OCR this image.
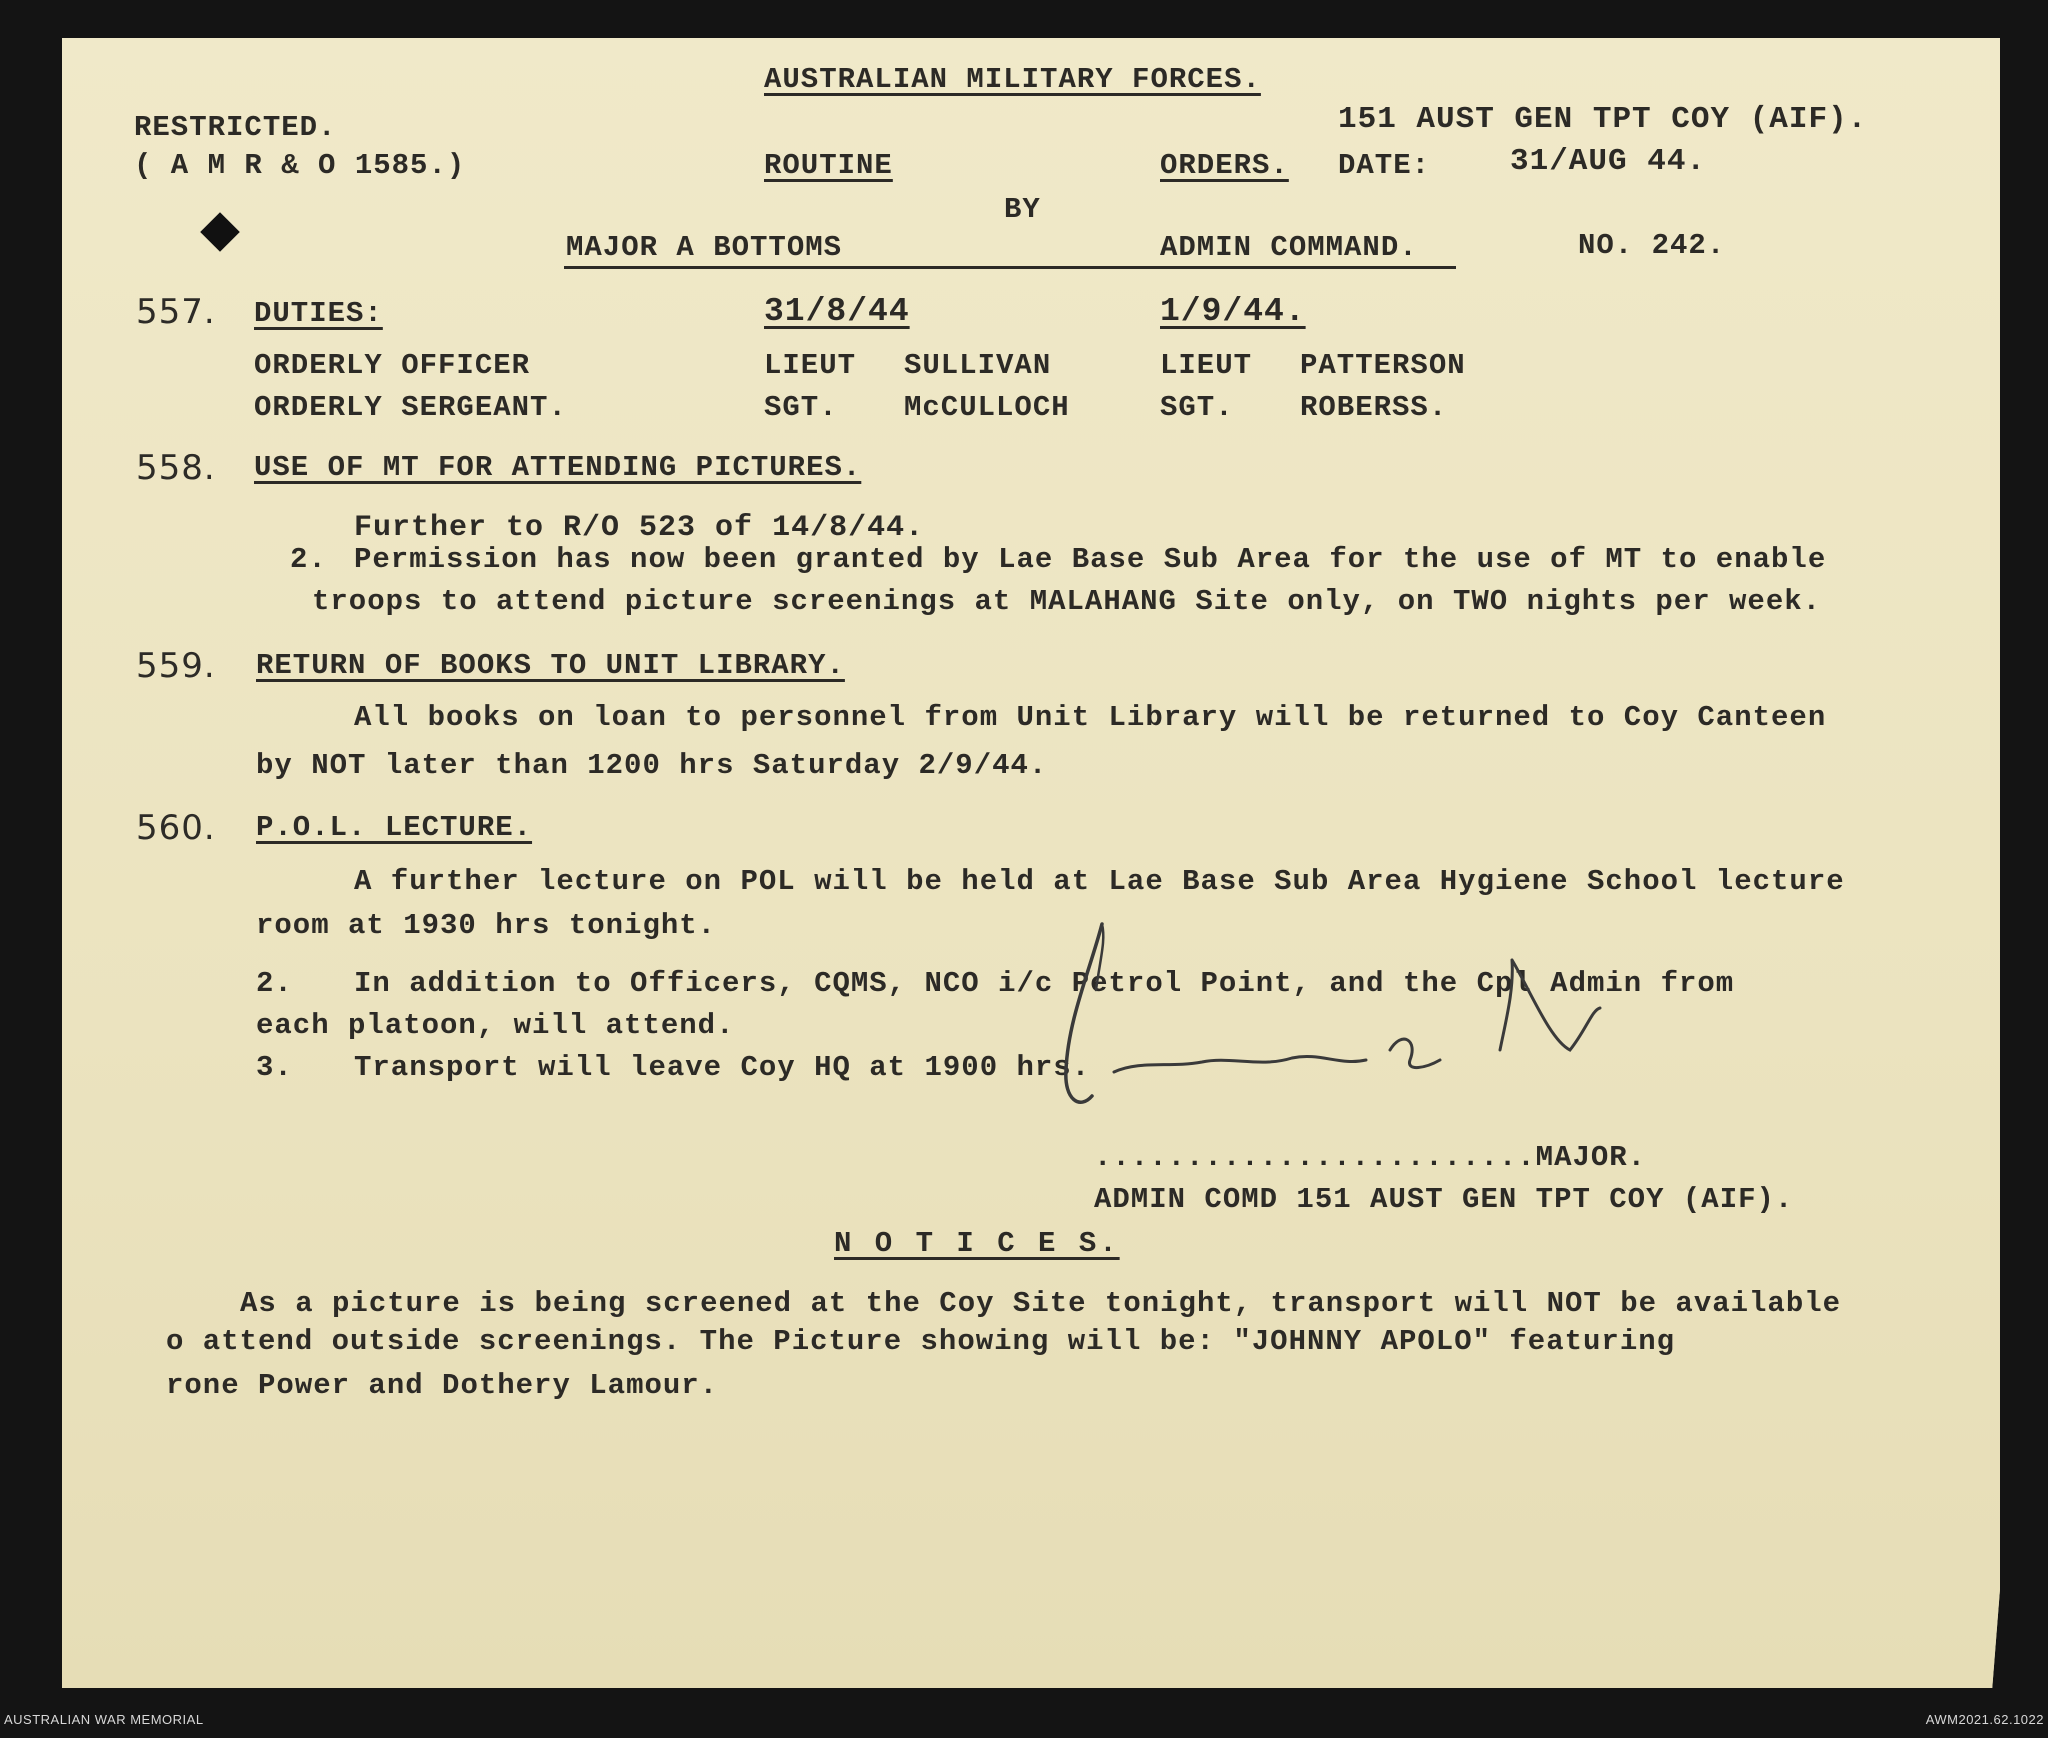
AUSTRALIAN MILITARY FORCES.
RESTRICTED.
( A M R & O 1585.)
151 AUST GEN TPT COY (AIF).
ROUTINE	ORDERS. DATE:	31/AUG 44.
BY
MAJOR A BOTTOMS	ADMIN COMMAND.	NO. 242.
557. DUTIES:	31/8/44	1/9/44.
ORDERLY OFFICER	LIEUT SULLIVAN	LIEUT PATTERSON
ORDERLY SERGEANT.	SGT. McCULLOCH	SGT. ROBERSS.
558. USE OF MT FOR ATTENDING PICTURES.
Further to R/O 523 of 14/8/44.
2. Permission has now been granted by Lae Base Sub Area for the use of MT to enable
troops to attend picture screenings at MALAHANG Site only, on TWO nights per week.
559. RETURN OF BOOKS TO UNIT LIBRARY.
All books on loan to personnel from Unit Library will be returned to Coy Canteen
by NOT later than 1200 hrs Saturday 2/9/44.
560. P.O.L. LECTURE.
A further lecture on POL will be held at Lae Base Sub Area Hygiene School lecture
room at 1930 hrs tonight.
2. In addition to Officers, CQMS, NCO i/c Petrol Point, and the Cpl Admin from
each platoon, will attend.
3. Transport will leave Coy HQ at 1900 hrs.
........................MAJOR.
ADMIN COMD 151 AUST GEN TPT COY (AIF).
N O T I C E S.
As a picture is being screened at the Coy Site tonight, transport will NOT be available
o attend outside screenings. The Picture showing will be: "JOHNNY APOLO" featuring
rone Power and Dothery Lamour.
AUSTRALIAN WAR MEMORIAL	AWM2021.62.1022
